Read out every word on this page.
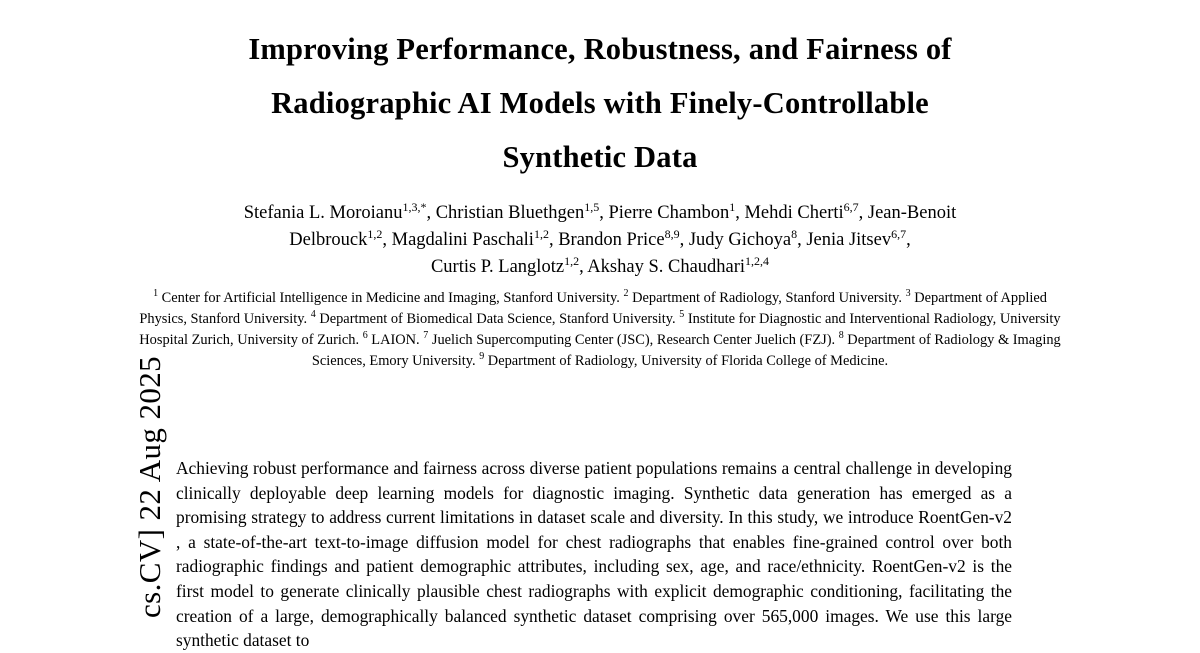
cs.CV] 22 Aug 2025
Improving Performance, Robustness, and Fairness of
Radiographic AI Models with Finely-Controllable
Synthetic Data
Stefania L. Moroianu$^{1,3,*}$, Christian Bluethgen$^{1,5}$, Pierre Chambon$^1$, Mehdi Cherti$^{6,7}$, Jean-Benoit
Delbrouck$^{1,2}$, Magdalini Paschali$^{1,2}$, Brandon Price$^{8,9}$, Judy Gichoya$^8$, Jenia Jitsev$^{6,7}$,
Curtis P. Langlotz$^{1,2}$, Akshay S. Chaudhari$^{1,2,4}$
$^1$ Center for Artificial Intelligence in Medicine and Imaging, Stanford University. $^2$ Department of Radiology, Stanford University. $^3$ Department of Applied Physics, Stanford University. $^4$ Department of Biomedical Data Science, Stanford University. $^5$ Institute for Diagnostic and Interventional Radiology, University Hospital Zurich, University of Zurich. $^6$ LAION. $^7$ Juelich Supercomputing Center (JSC), Research Center Juelich (FZJ). $^8$ Department of Radiology & Imaging Sciences, Emory University. $^9$ Department of Radiology, University of Florida College of Medicine.
Achieving robust performance and fairness across diverse patient populations remains a central challenge in developing clinically deployable deep learning models for diagnostic imaging. Synthetic data generation has emerged as a promising strategy to address current limitations in dataset scale and diversity. In this study, we introduce RoentGen-v2 , a state-of-the-art text-to-image diffusion model for chest radiographs that enables fine-grained control over both radiographic findings and patient demographic attributes, including sex, age, and race/ethnicity. RoentGen-v2 is the first model to generate clinically plausible chest radiographs with explicit demographic conditioning, facilitating the creation of a large, demographically balanced synthetic dataset comprising over 565,000 images. We use this large synthetic dataset to
